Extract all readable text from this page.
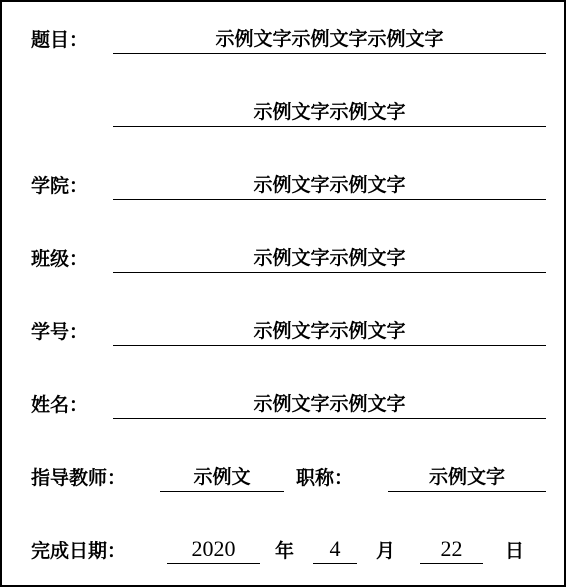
题目：	示例文字示例文字示例文字
示例文字示例文字
学院：	示例文字示例文字
班级：	示例文字示例文字
学号：	示例文字示例文字
姓名：	示例文字示例文字
指导教师：	示例文	职称：	示例文字
完成日期：	2020	年	4	月	22	日
